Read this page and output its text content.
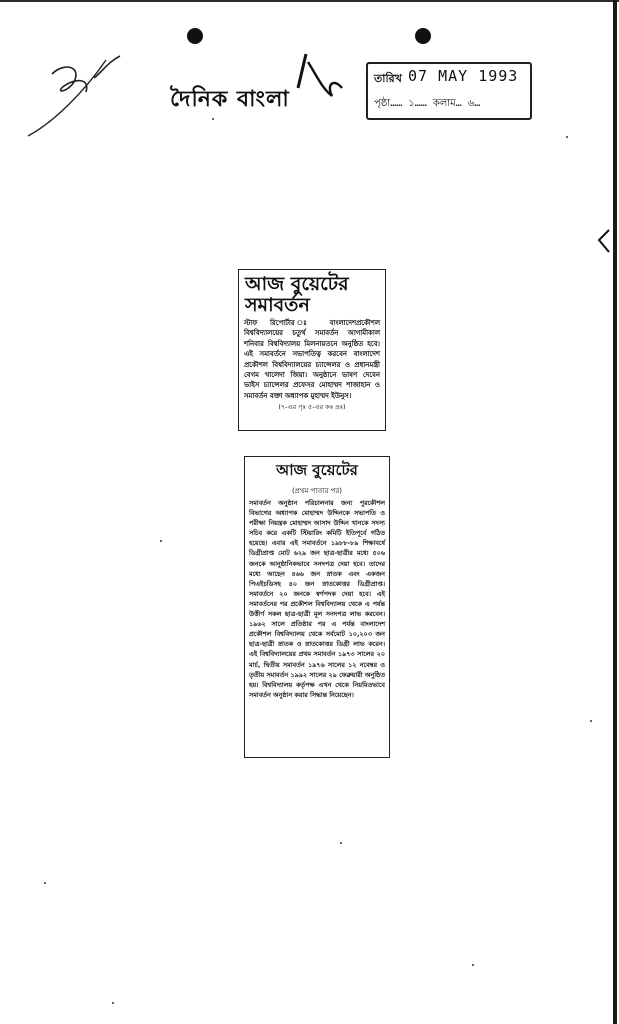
দৈনিক বাংলা
তারিখ 07 MAY 1993
পৃষ্ঠা…… ১…… কলাম… ৬…
আজ বুয়েটের সমাবর্তন
স্টাফ রিপোর্টার ঃ বাংলাদেশপ্রকৌশল বিশ্ববিদ্যালয়ের চতুর্থ সমাবর্তন আগামীকাল শনিবার বিশ্ববিদ্যালয় মিলনায়তনে অনুষ্ঠিত হবে। এই সমাবর্তনে সভাপতিত্ব করবেন বাংলাদেশ প্রকৌশল বিশ্ববিদ্যালয়ের চ্যান্সেলর ও প্রধানমন্ত্রী বেগম খালেদা জিয়া। অনুষ্ঠানে ভাষণ দেবেন ভাইস চ্যান্সেলর প্রফেসর মোহাম্মদ শাজাহান ও সমাবর্তন বক্তা অধ্যাপক মুহাম্মদ ইউনুস।
(৭-এর পৃঃ ৫-এর কঃ দ্রঃ)
আজ বুয়েটের
(প্রথম পাতার পর)
সমাবর্তন অনুষ্ঠান পরিচালনার জন্য পুরকৌশল বিভাগের অধ্যাপক মোহাম্মদ উদ্দিনকে সভাপতি ও পরীক্ষা নিয়ন্ত্রক মোহাম্মদ আসাদ উদ্দিন খানকে সদস্য সচিব করে একটি স্টিয়ারিং কমিটি ইতিপূর্বে গঠিত হয়েছে। এবার এই সমাবর্তনে ১৯৮৮-৮৯ শিক্ষাবর্ষে ডিগ্রীপ্রাপ্ত মোট ৬২৯ জন ছাত্র-ছাত্রীর মধ্যে ৫০৬ জনকে আনুষ্ঠানিকভাবে সনদপত্র দেয়া হবে। তাদের মধ্যে আছেন ৪৬৬ জন স্নাতক এবং একজন পিএইচডিসহ ৪০ জন স্নাতকোত্তর ডিগ্রীপ্রাপ্ত। সমাবর্তনে ২০ জনকে স্বর্ণপদক দেয়া হবে। এই সমাবর্তনের পর প্রকৌশল বিশ্ববিদ্যালয় থেকে এ পর্যন্ত উত্তীর্ণ সকল ছাত্র-ছাত্রী মূল সনদপত্র লাভ করবেন। ১৯৬২ সালে প্রতিষ্ঠার পর এ পর্যন্ত বাংলাদেশ প্রকৌশল বিশ্ববিদ্যালয় থেকে সর্বমোট ১০,২০৩ জন ছাত্র-ছাত্রী স্নাতক ও স্নাতকোত্তর ডিগ্রী লাভ করেন। এই বিশ্ববিদ্যালয়ের প্রথম সমাবর্তন ১৯৭৩ সালের ২০ মার্চ, দ্বিতীয় সমাবর্তন ১৯৭৬ সালের ১২ নবেম্বর ও তৃতীয় সমাবর্তন ১৯৯২ সালের ২৯ ফেব্রুয়ারী অনুষ্ঠিত হয়। বিশ্ববিদ্যালয় কর্তৃপক্ষ এখন থেকে নিয়মিতভাবে সমাবর্তন অনুষ্ঠান করার সিদ্ধান্ত নিয়েছেন।
